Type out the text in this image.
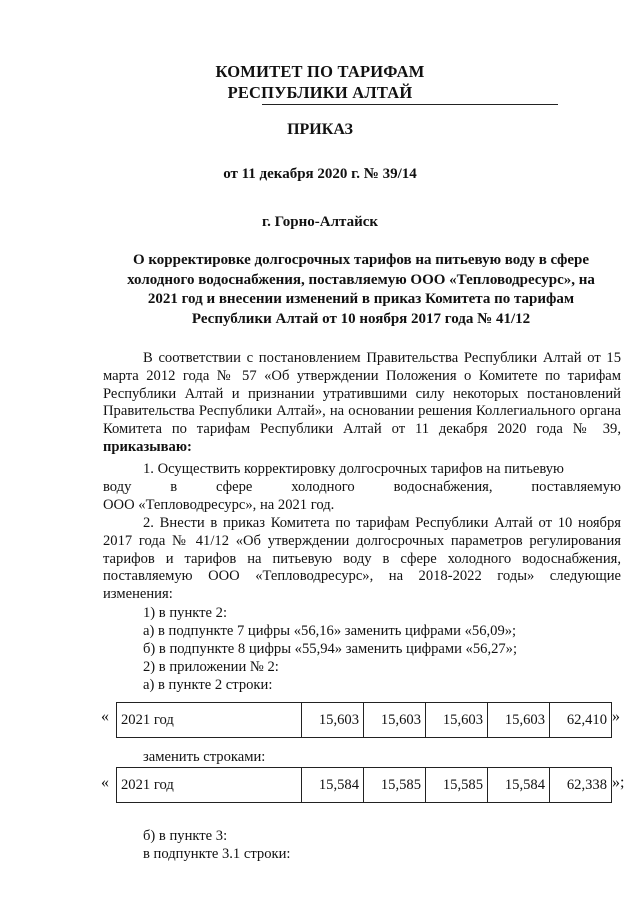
КОМИТЕТ ПО ТАРИФАМ
РЕСПУБЛИКИ АЛТАЙ
ПРИКАЗ
от 11 декабря 2020 г. № 39/14
г. Горно-Алтайск
О корректировке долгосрочных тарифов на питьевую воду в сфере
холодного водоснабжения, поставляемую ООО «Тепловодресурс», на
2021 год и внесении изменений в приказ Комитета по тарифам
Республики Алтай от 10 ноября 2017 года № 41/12
В соответствии с постановлением Правительства Республики Алтай от 15 марта 2012 года № 57 «Об утверждении Положения о Комитете по тарифам Республики Алтай и признании утратившими силу некоторых постановлений Правительства Республики Алтай», на основании решения Коллегиального органа Комитета по тарифам Республики Алтай от 11 декабря 2020 года № 39, приказываю:
1. Осуществить корректировку долгосрочных тарифов на питьевую
воду	в	сфере	холодного	водоснабжения,	поставляемую
ООО «Тепловодресурс», на 2021 год.
2. Внести в приказ Комитета по тарифам Республики Алтай от 10 ноября 2017 года № 41/12 «Об утверждении долгосрочных параметров регулирования тарифов и тарифов на питьевую воду в сфере холодного водоснабжения, поставляемую ООО «Тепловодресурс», на 2018-2022 годы» следующие изменения:
1) в пункте 2:
а) в подпункте 7 цифры «56,16» заменить цифрами «56,09»;
б) в подпункте 8 цифры «55,94» заменить цифрами «56,27»;
2) в приложении № 2:
а) в пункте 2 строки:
« 2021 год	15,603	15,603	15,603	15,603	62,410 »
заменить строками:
« 2021 год	15,584	15,585	15,585	15,584	62,338 »;
б) в пункте 3:
в подпункте 3.1 строки:
